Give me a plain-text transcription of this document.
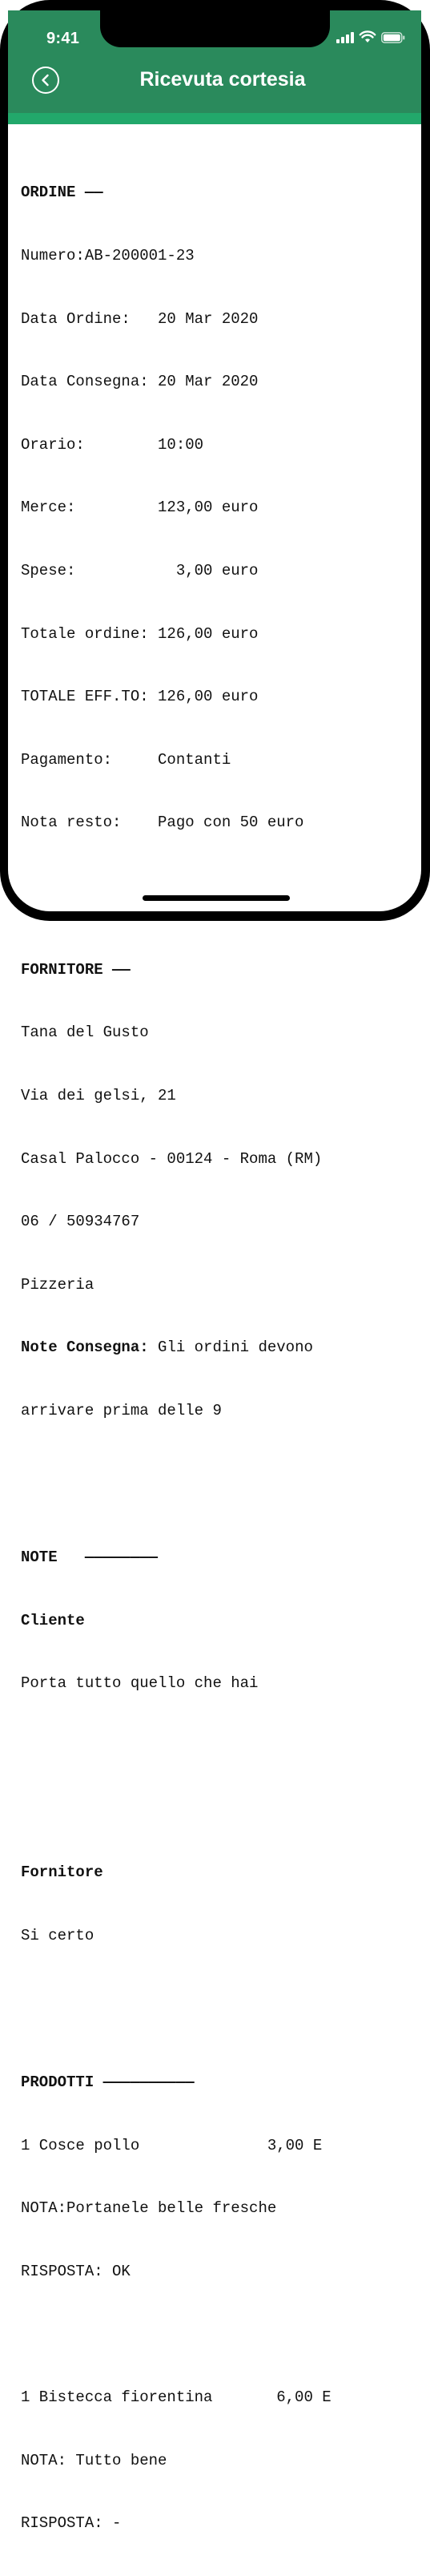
9:41
Ricevuta cortesia

ORDINE ——

Numero:AB-200001-23

Data Ordine:   20 Mar 2020

Data Consegna: 20 Mar 2020

Orario:        10:00

Merce:         123,00 euro

Spese:           3,00 euro

Totale ordine: 126,00 euro

TOTALE EFF.TO: 126,00 euro

Pagamento:     Contanti

Nota resto:    Pago con 50 euro

FORNITORE ——

Tana del Gusto

Via dei gelsi, 21

Casal Palocco - 00124 - Roma (RM)

06 / 50934767

Pizzeria

Note Consegna: Gli ordini devono

arrivare prima delle 9

NOTE   ————————

Cliente

Porta tutto quello che hai

Fornitore

Si certo

PRODOTTI ——————————

1 Cosce pollo              3,00 E

NOTA:Portanele belle fresche

RISPOSTA: OK

1 Bistecca fiorentina       6,00 E

NOTA: Tutto bene

RISPOSTA: -
